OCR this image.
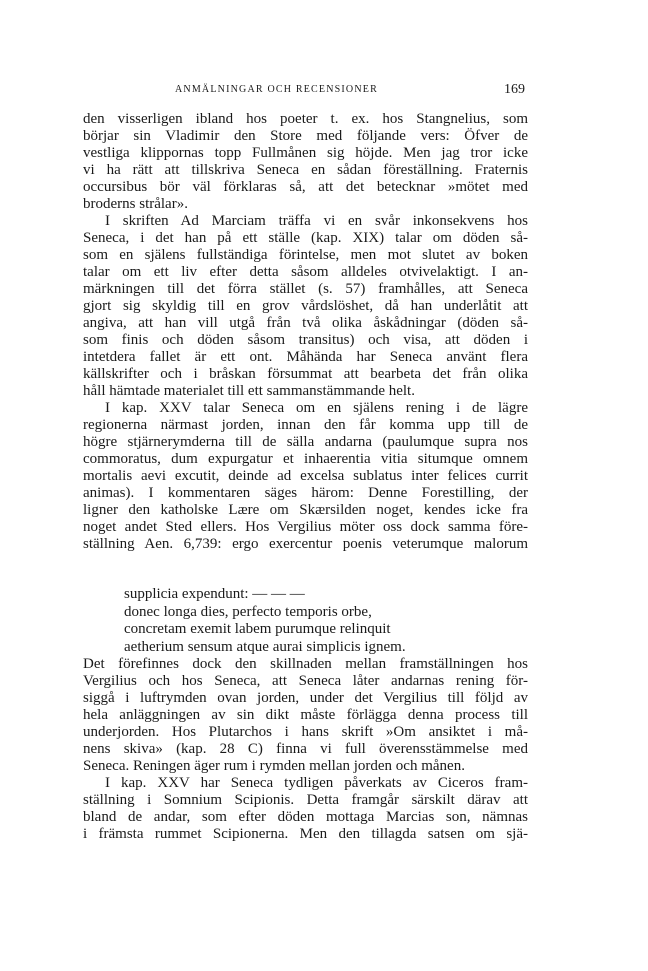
ANMÄLNINGAR OCH RECENSIONER	169
den visserligen ibland hos poeter t. ex. hos Stangnelius, som
börjar sin Vladimir den Store med följande vers: Öfver de
vestliga klippornas topp Fullmånen sig höjde. Men jag tror icke
vi ha rätt att tillskriva Seneca en sådan föreställning. Fraternis
occursibus bör väl förklaras så, att det betecknar »mötet med
broderns strålar».
I skriften Ad Marciam träffa vi en svår inkonsekvens hos
Seneca, i det han på ett ställe (kap. XIX) talar om döden så-
som en själens fullständiga förintelse, men mot slutet av boken
talar om ett liv efter detta såsom alldeles otvivelaktigt. I an-
märkningen till det förra stället (s. 57) framhålles, att Seneca
gjort sig skyldig till en grov vårdslöshet, då han underlåtit att
angiva, att han vill utgå från två olika åskådningar (döden så-
som finis och döden såsom transitus) och visa, att döden i
intetdera fallet är ett ont. Måhända har Seneca använt flera
källskrifter och i bråskan försummat att bearbeta det från olika
håll hämtade materialet till ett sammanstämmande helt.
I kap. XXV talar Seneca om en själens rening i de lägre
regionerna närmast jorden, innan den får komma upp till de
högre stjärnerymderna till de sälla andarna (paulumque supra nos
commoratus, dum expurgatur et inhaerentia vitia situmque omnem
mortalis aevi excutit, deinde ad excelsa sublatus inter felices currit
animas). I kommentaren säges härom: Denne Forestilling, der
ligner den katholske Lære om Skærsilden noget, kendes icke fra
noget andet Sted ellers. Hos Vergilius möter oss dock samma före-
ställning Aen. 6,739: ergo exercentur poenis veterumque malorum
supplicia expendunt: — — —
donec longa dies, perfecto temporis orbe,
concretam exemit labem purumque relinquit
aetherium sensum atque aurai simplicis ignem.
Det förefinnes dock den skillnaden mellan framställningen hos
Vergilius och hos Seneca, att Seneca låter andarnas rening för-
siggå i luftrymden ovan jorden, under det Vergilius till följd av
hela anläggningen av sin dikt måste förlägga denna process till
underjorden. Hos Plutarchos i hans skrift »Om ansiktet i må-
nens skiva» (kap. 28 C) finna vi full överensstämmelse med
Seneca. Reningen äger rum i rymden mellan jorden och månen.
I kap. XXV har Seneca tydligen påverkats av Ciceros fram-
ställning i Somnium Scipionis. Detta framgår särskilt därav att
bland de andar, som efter döden mottaga Marcias son, nämnas
i främsta rummet Scipionerna. Men den tillagda satsen om sjä-
